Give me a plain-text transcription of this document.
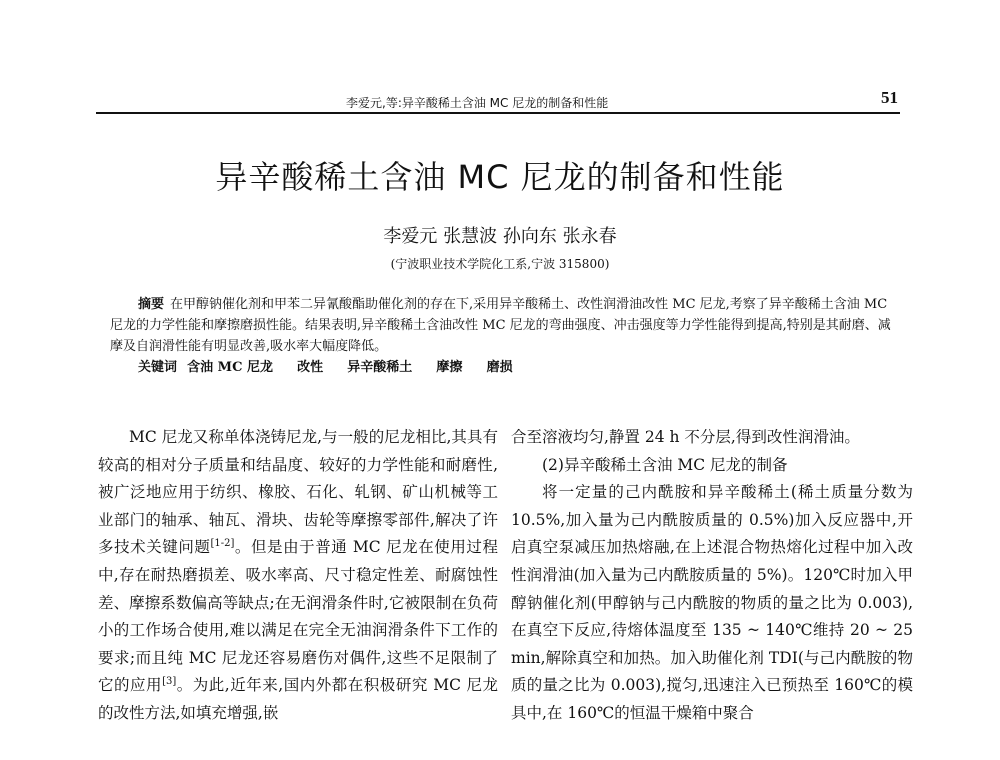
李爱元,等:异辛酸稀土含油 MC 尼龙的制备和性能	51
异辛酸稀土含油 MC 尼龙的制备和性能
李爱元 张慧波 孙向东 张永春
(宁波职业技术学院化工系,宁波 315800)

摘要 在甲醇钠催化剂和甲苯二异氰酸酯助催化剂的存在下,采用异辛酸稀土、改性润滑油改性 MC 尼龙,考察了异辛酸稀土含油 MC 尼龙的力学性能和摩擦磨损性能。结果表明,异辛酸稀土含油改性 MC 尼龙的弯曲强度、冲击强度等力学性能得到提高,特别是其耐磨、减摩及自润滑性能有明显改善,吸水率大幅度降低。

关键词 含油 MC 尼龙 改性 异辛酸稀土 摩擦 磨损

MC 尼龙又称单体浇铸尼龙,与一般的尼龙相比,其具有较高的相对分子质量和结晶度、较好的力学性能和耐磨性,被广泛地应用于纺织、橡胶、石化、轧钢、矿山机械等工业部门的轴承、轴瓦、滑块、齿轮等摩擦零部件,解决了许多技术关键问题[1-2]。但是由于普通 MC 尼龙在使用过程中,存在耐热磨损差、吸水率高、尺寸稳定性差、耐腐蚀性差、摩擦系数偏高等缺点;在无润滑条件时,它被限制在负荷小的工作场合使用,难以满足在完全无油润滑条件下工作的要求;而且纯 MC 尼龙还容易磨伤对偶件,这些不足限制了它的应用[3]。为此,近年来,国内外都在积极研究 MC 尼龙的改性方法,如填充增强,嵌

合至溶液均匀,静置 24 h 不分层,得到改性润滑油。

(2)异辛酸稀土含油 MC 尼龙的制备

将一定量的己内酰胺和异辛酸稀土(稀土质量分数为 10.5%,加入量为己内酰胺质量的 0.5%)加入反应器中,开启真空泵减压加热熔融,在上述混合物热熔化过程中加入改性润滑油(加入量为己内酰胺质量的 5%)。120℃时加入甲醇钠催化剂(甲醇钠与己内酰胺的物质的量之比为 0.003),在真空下反应,待熔体温度至 135 ~ 140℃维持 20 ~ 25 min,解除真空和加热。加入助催化剂 TDI(与己内酰胺的物质的量之比为 0.003),搅匀,迅速注入已预热至 160℃的模具中,在 160℃的恒温干燥箱中聚合
